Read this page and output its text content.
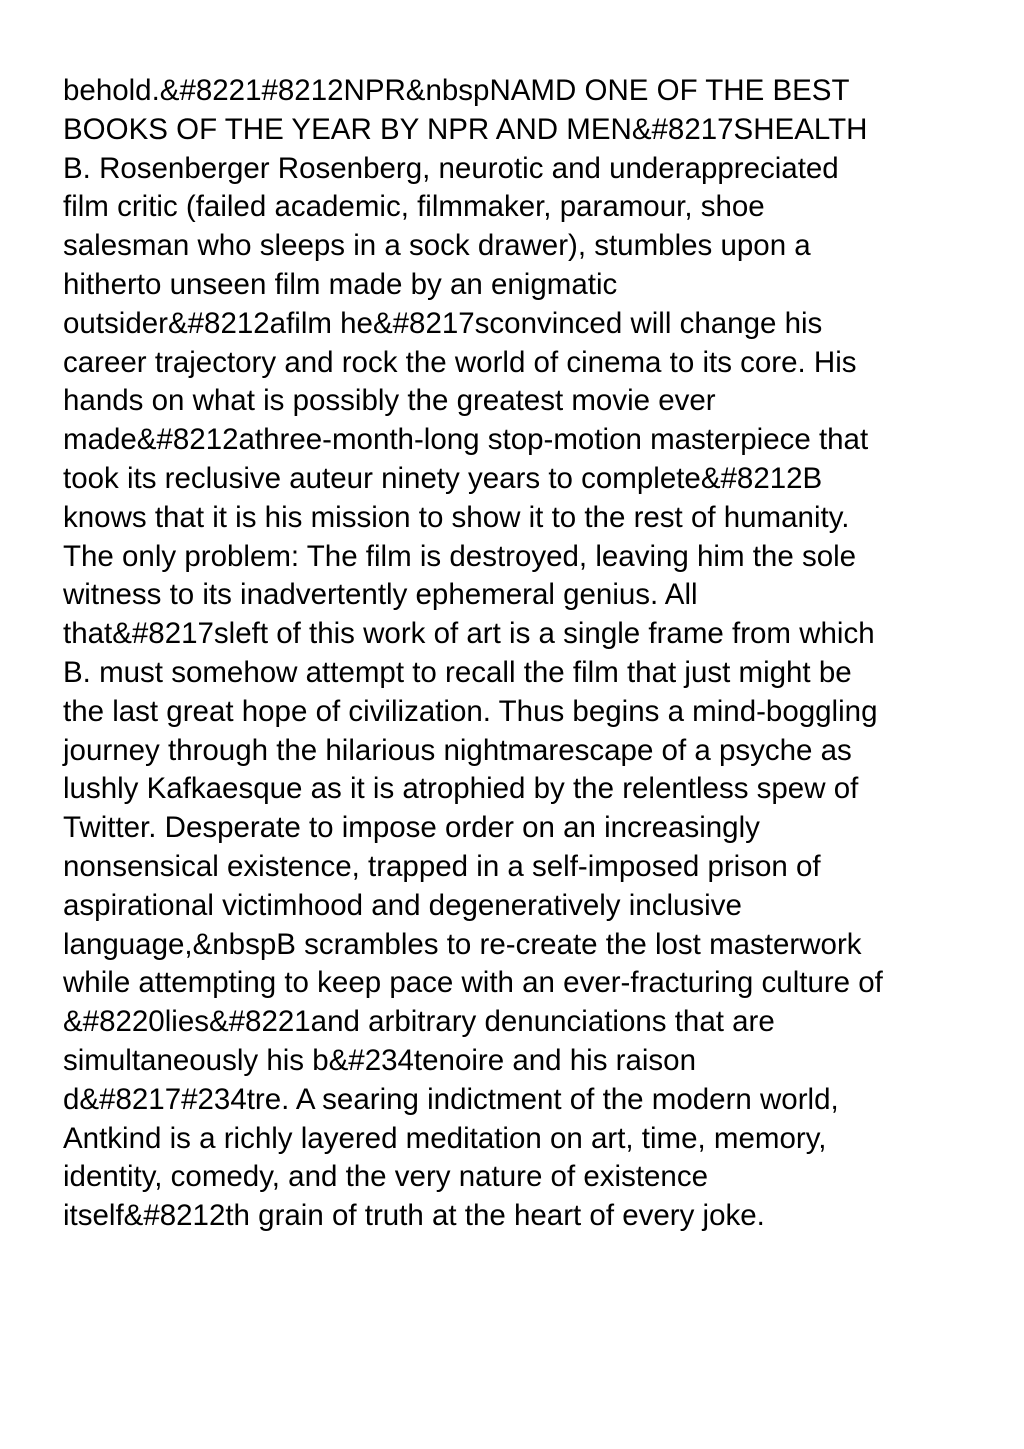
behold.&#8221#8212NPR&nbspNAMD ONE OF THE BEST
BOOKS OF THE YEAR BY NPR AND MEN&#8217SHEALTH
B. Rosenberger Rosenberg, neurotic and underappreciated
film critic (failed academic, filmmaker, paramour, shoe
salesman who sleeps in a sock drawer), stumbles upon a
hitherto unseen film made by an enigmatic
outsider&#8212afilm he&#8217sconvinced will change his
career trajectory and rock the world of cinema to its core. His
hands on what is possibly the greatest movie ever
made&#8212athree-month-long stop-motion masterpiece that
took its reclusive auteur ninety years to complete&#8212B
knows that it is his mission to show it to the rest of humanity.
The only problem: The film is destroyed, leaving him the sole
witness to its inadvertently ephemeral genius. All
that&#8217sleft of this work of art is a single frame from which
B. must somehow attempt to recall the film that just might be
the last great hope of civilization. Thus begins a mind-boggling
journey through the hilarious nightmarescape of a psyche as
lushly Kafkaesque as it is atrophied by the relentless spew of
Twitter. Desperate to impose order on an increasingly
nonsensical existence, trapped in a self-imposed prison of
aspirational victimhood and degeneratively inclusive
language,&nbspB scrambles to re-create the lost masterwork
while attempting to keep pace with an ever-fracturing culture of
&#8220lies&#8221and arbitrary denunciations that are
simultaneously his b&#234tenoire and his raison
d&#8217#234tre. A searing indictment of the modern world,
Antkind is a richly layered meditation on art, time, memory,
identity, comedy, and the very nature of existence
itself&#8212th grain of truth at the heart of every joke.
